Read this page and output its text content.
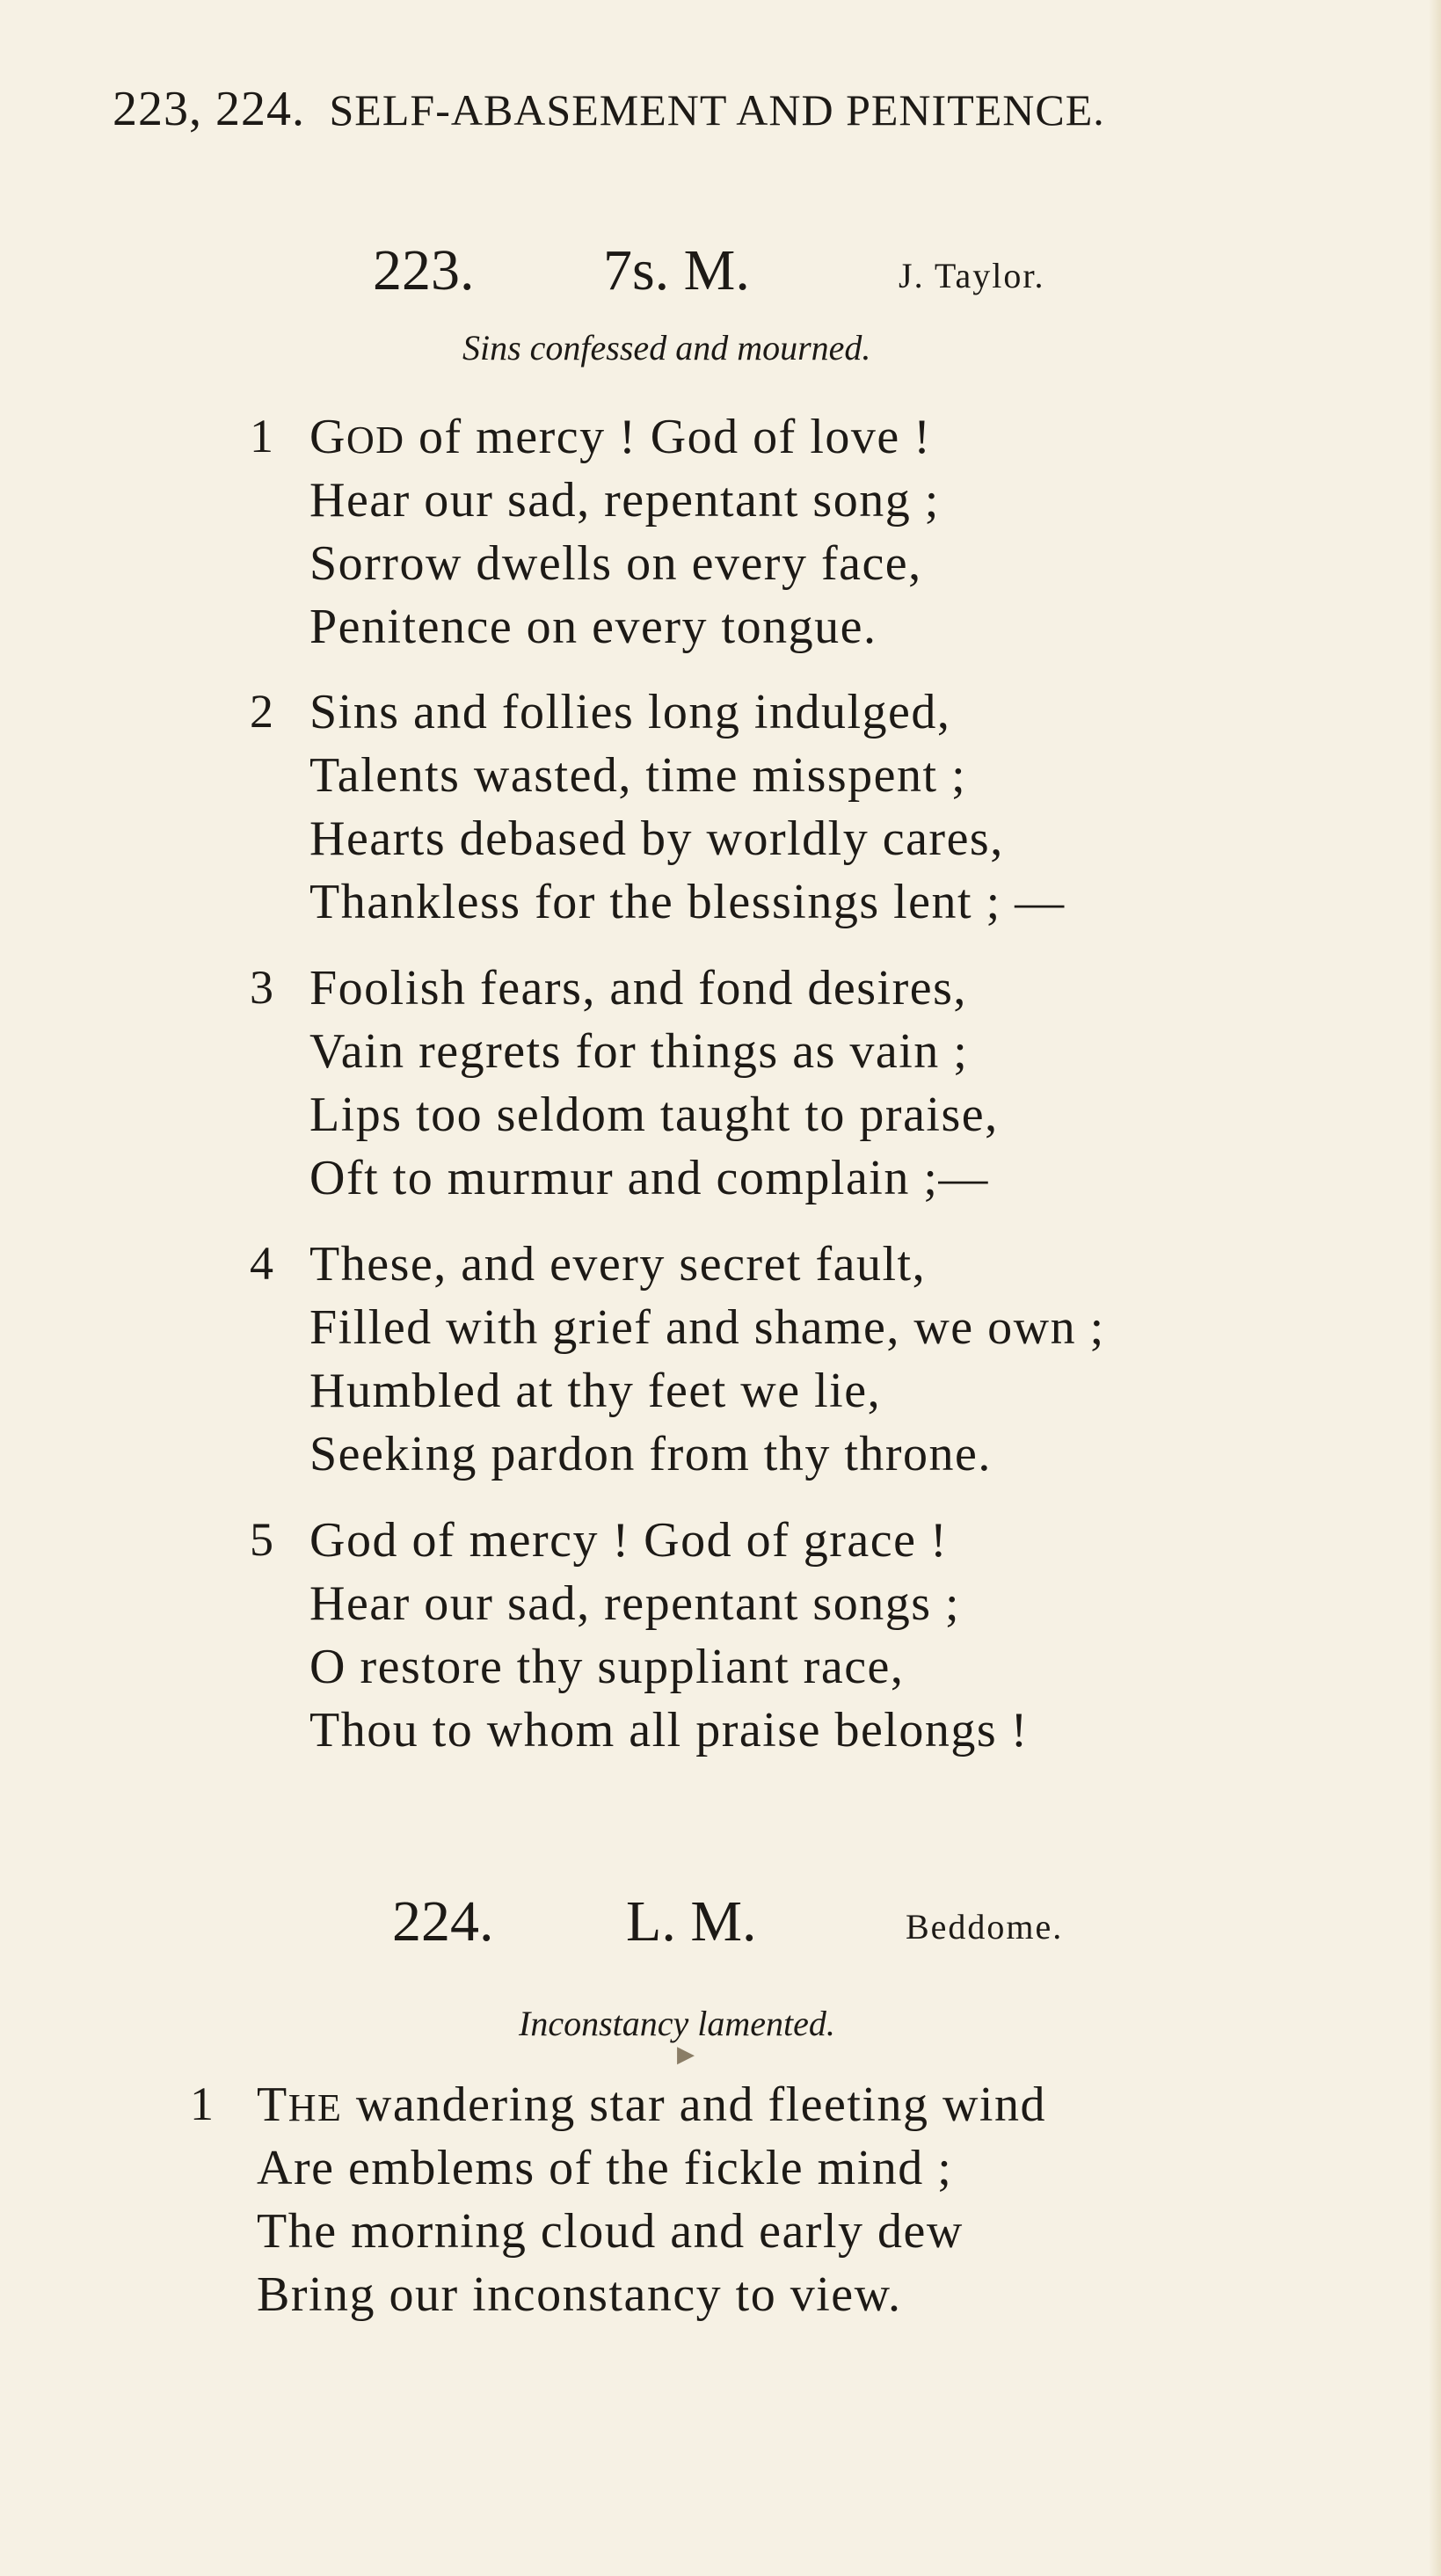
223, 224. SELF-ABASEMENT AND PENITENCE.
223. 7s. M.	J. Taylor.
Sins confessed and mourned.
1 GOD of mercy ! God of love !
Hear our sad, repentant song ;
Sorrow dwells on every face,
Penitence on every tongue.
2 Sins and follies long indulged,
Talents wasted, time misspent ;
Hearts debased by worldly cares,
Thankless for the blessings lent ; —
3 Foolish fears, and fond desires,
Vain regrets for things as vain ;
Lips too seldom taught to praise,
Oft to murmur and complain ;—
4 These, and every secret fault,
Filled with grief and shame, we own ;
Humbled at thy feet we lie,
Seeking pardon from thy throne.
5 God of mercy ! God of grace !
Hear our sad, repentant songs ;
O restore thy suppliant race,
Thou to whom all praise belongs !
224. L. M.	Beddome.
Inconstancy lamented.
▶
1 THE wandering star and fleeting wind
Are emblems of the fickle mind ;
The morning cloud and early dew
Bring our inconstancy to view.
